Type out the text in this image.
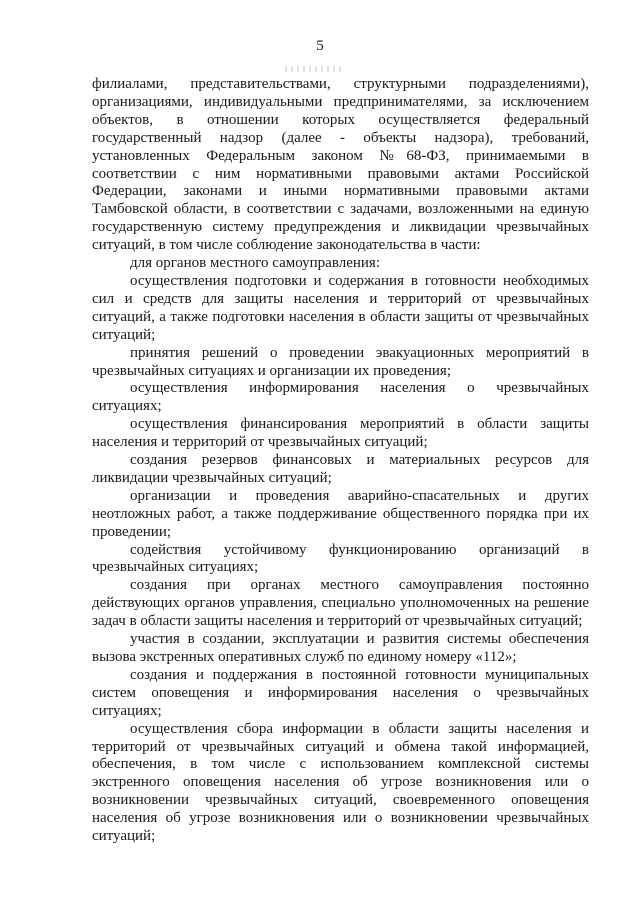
5

филиалами, представительствами, структурными подразделениями), организациями, индивидуальными предпринимателями, за исключением объектов, в отношении которых осуществляется федеральный государственный надзор (далее - объекты надзора), требований, установленных Федеральным законом №68-ФЗ, принимаемыми в соответствии с ним нормативными правовыми актами Российской Федерации, законами и иными нормативными правовыми актами Тамбовской области, в соответствии с задачами, возложенными на единую государственную систему предупреждения и ликвидации чрезвычайных ситуаций, в том числе соблюдение законодательства в части:

для органов местного самоуправления:

осуществления подготовки и содержания в готовности необходимых сил и средств для защиты населения и территорий от чрезвычайных ситуаций, а также подготовки населения в области защиты от чрезвычайных ситуаций;

принятия решений о проведении эвакуационных мероприятий в чрезвычайных ситуациях и организации их проведения;

осуществления информирования населения о чрезвычайных ситуациях;

осуществления финансирования мероприятий в области защиты населения и территорий от чрезвычайных ситуаций;

создания резервов финансовых и материальных ресурсов для ликвидации чрезвычайных ситуаций;

организации и проведения аварийно-спасательных и других неотложных работ, а также поддерживание общественного порядка при их проведении;

содействия устойчивому функционированию организаций в чрезвычайных ситуациях;

создания при органах местного самоуправления постоянно действующих органов управления, специально уполномоченных на решение задач в области защиты населения и территорий от чрезвычайных ситуаций;

участия в создании, эксплуатации и развития системы обеспечения вызова экстренных оперативных служб по единому номеру «112»;

создания и поддержания в постоянной готовности муниципальных систем оповещения и информирования населения о чрезвычайных ситуациях;

осуществления сбора информации в области защиты населения и территорий от чрезвычайных ситуаций и обмена такой информацией, обеспечения, в том числе с использованием комплексной системы экстренного оповещения населения об угрозе возникновения или о возникновении чрезвычайных ситуаций, своевременного оповещения населения об угрозе возникновения или о возникновении чрезвычайных ситуаций;
